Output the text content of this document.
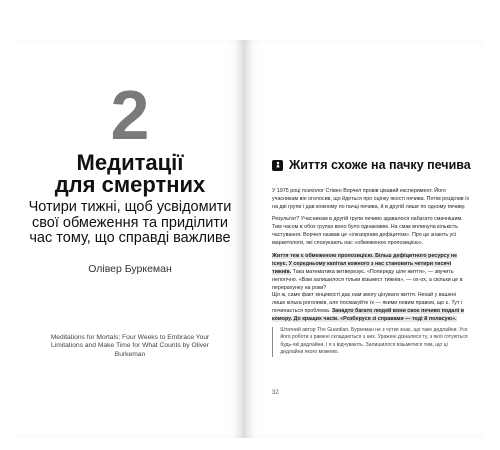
2
Медитації
для смертних
Чотири тижні, щоб усвідомити свої обмеження та приділити час тому, що справді важливе
Олівер Буркеман
Meditations for Mortals: Four Weeks to Embrace Your Limitations and Make Time for What Counts by Oliver Burkeman
Життя схоже на пачку печива

У 1975 році психолог Стівен Ворчел провів цікавий експеримент. Його учасникам він оголосив, що йдеться про оцінку якості печива. Потім розділив їх на дві групи і дав кожному по пачці печива, й в другій лише по одному печиву.

Результат? Учасникам в другій групи печиво здавалося набагато смачнішим. Тим часом в обох групах воно було однаковим. На смак вплинула кількість частування. Ворчел назвав це «ілюзорним дефіцитом». Про це знають усі маркетологи, які спонукають нас «обмеженою пропозицією».

Життя теж є обмеженою пропозицією. Більш дефіцитного ресурсу не існує. У середньому капітал кожного з нас становить четири тисячі тижнів. Така математика витверезує. «Попереду ціле життя», — звучить нелогічно. «Вам залишилося тільки візьмест тижнів», — ох-ох, а скільки це в перерахунку на роки?

Що ж, саме факт кінцевості дає нам змогу цінувати життя. Нехай у вашені лише кілька роголиків, але посмакуйте їх — якими новим правом, що є. Тут і починається проблема. Занадто багато людей вони своє печиво подалі в комору. До кращих часів. «Розберуся зі справами — тоді й поласую».

Штатний автор The Guardian, Буркеман не з чутки знає, що таке дедлайни. Усе його роботи з рамені складаються з них. Уражені дізналися ту, з якої готуються будь-які дедлайни, і я з відчувають. Залишилося візьметися тим, що ці дедлайни якого можемо.

32
